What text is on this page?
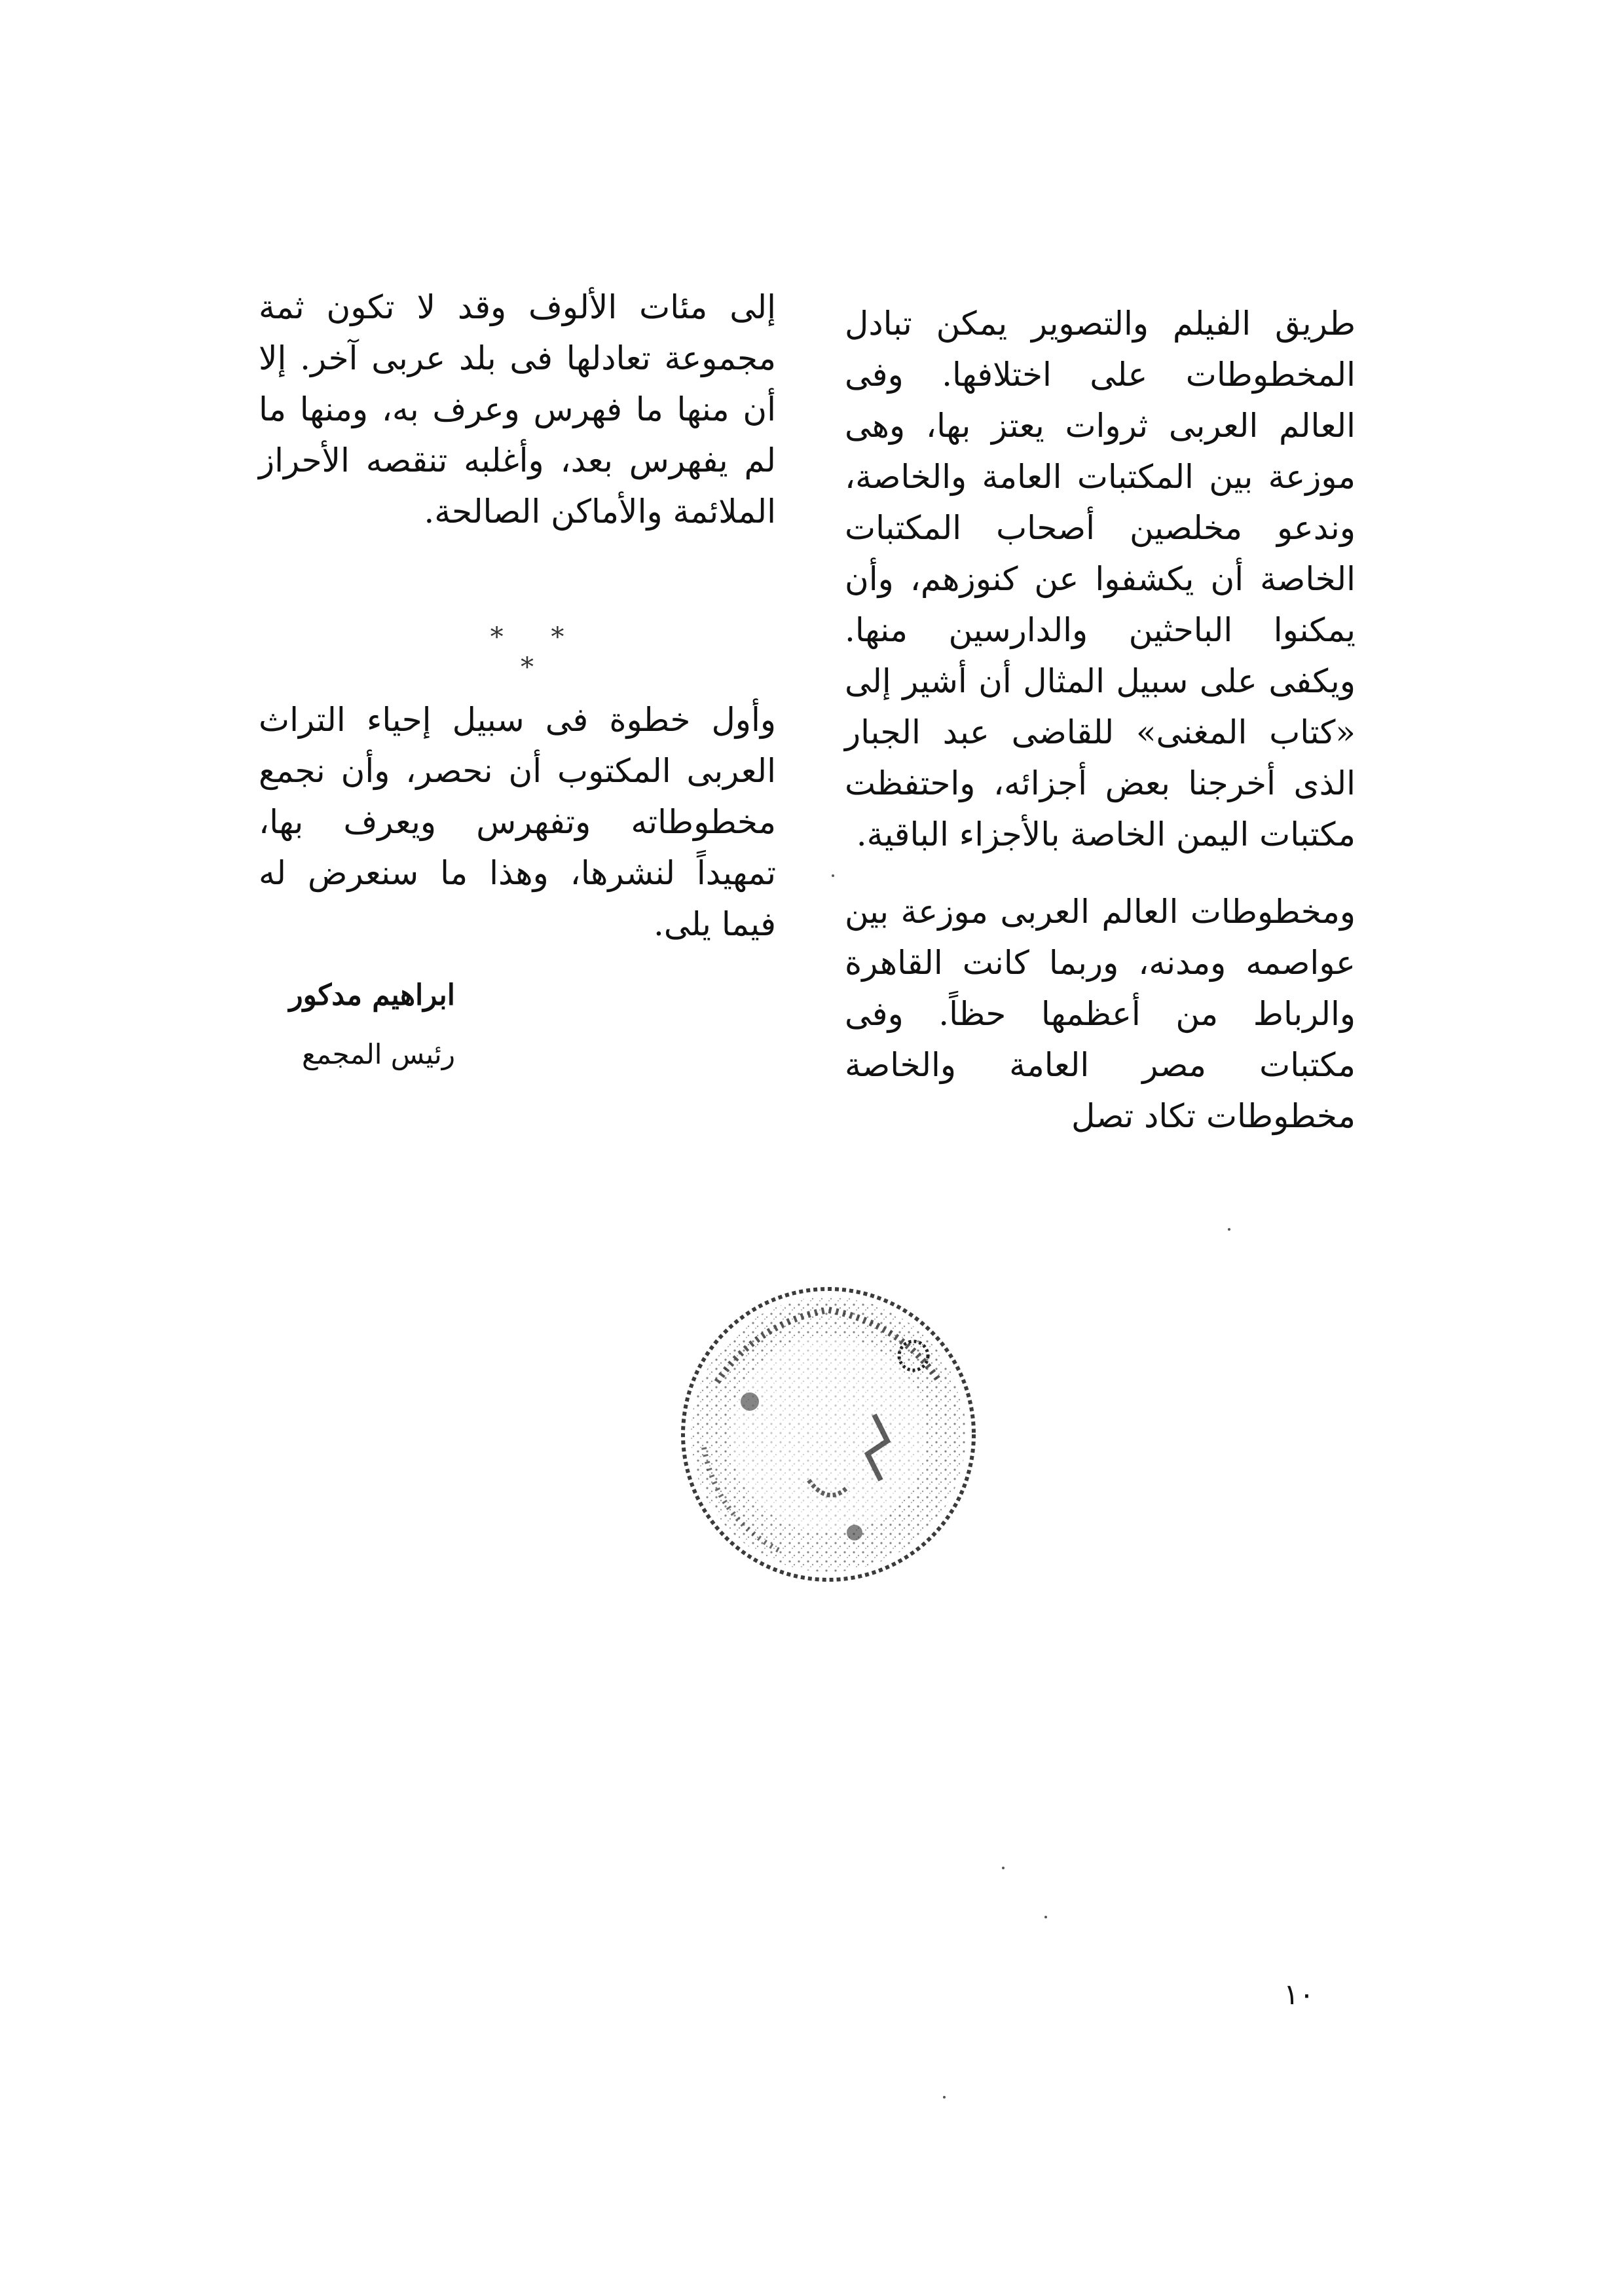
طريق الفيلم والتصوير يمكن تبادل المخطوطات على اختلافها. وفى العالم العربى ثروات يعتز بها، وهى موزعة بين المكتبات العامة والخاصة، وندعو مخلصين أصحاب المكتبات الخاصة أن يكشفوا عن كنوزهم، وأن يمكنوا الباحثين والدارسين منها. ويكفى على سبيل المثال أن أشير إلى «كتاب المغنى» للقاضى عبد الجبار الذى أخرجنا بعض أجزائه، واحتفظت مكتبات اليمن الخاصة بالأجزاء الباقية.

ومخطوطات العالم العربى موزعة بين عواصمه ومدنه، وربما كانت القاهرة والرباط من أعظمها حظاً. وفى مكتبات مصر العامة والخاصة مخطوطات تكاد تصل

إلى مئات الألوف وقد لا تكون ثمة مجموعة تعادلها فى بلد عربى آخر. إلا أن منها ما فهرس وعرف به، ومنها ما لم يفهرس بعد، وأغلبه تنقصه الأحراز الملائمة والأماكن الصالحة.

* * *

وأول خطوة فى سبيل إحياء التراث العربى المكتوب أن نحصر، وأن نجمع مخطوطاته وتفهرس ويعرف بها، تمهيداً لنشرها، وهذا ما سنعرض له فيما يلى.

ابراهيم مدكور
رئيس المجمع
١٠
